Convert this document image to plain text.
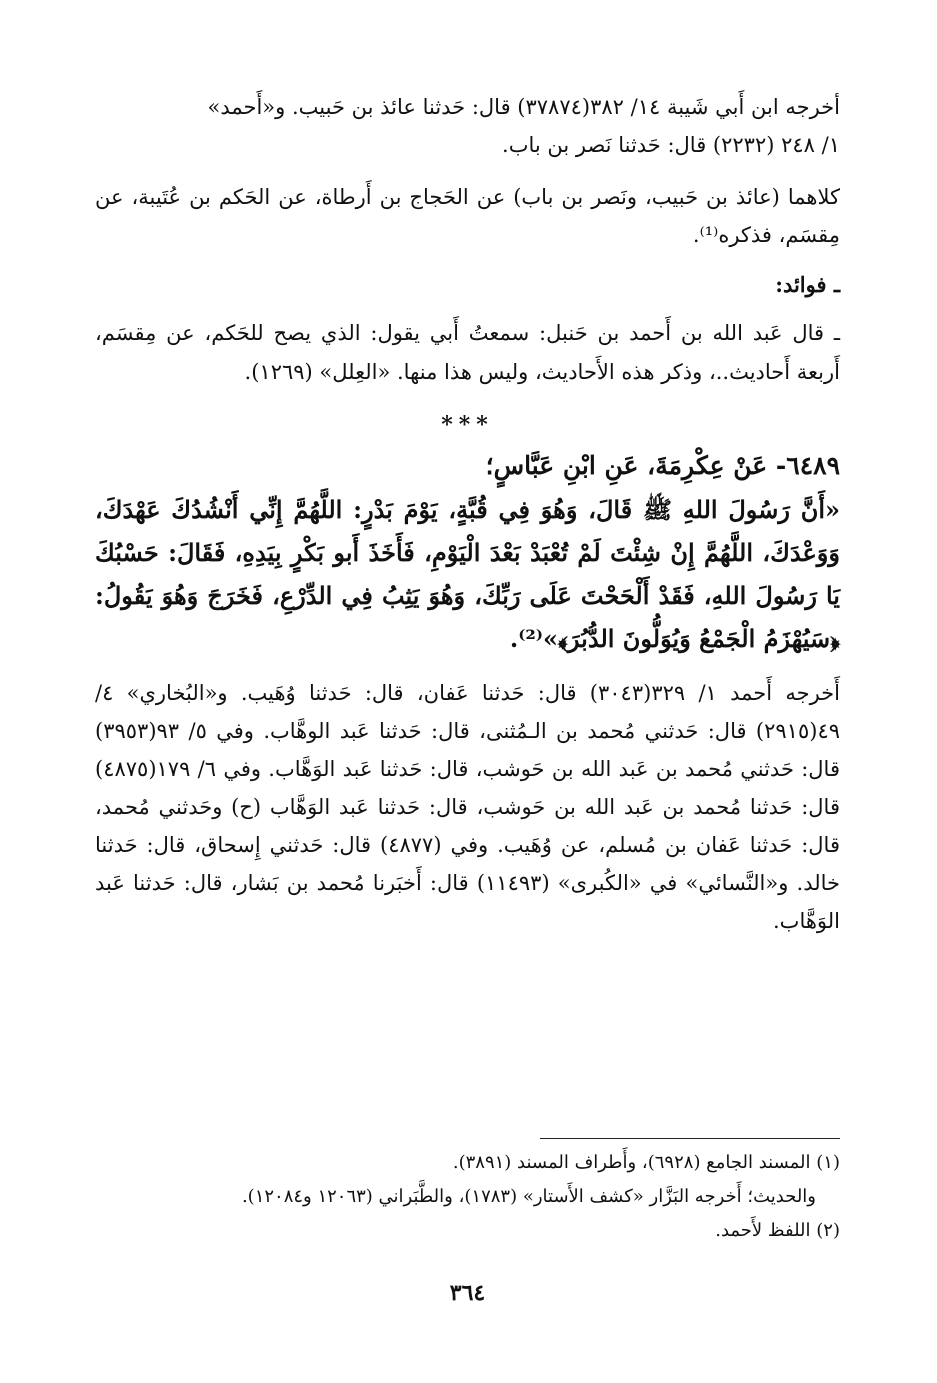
أخرجه ابن أَبي شَيبة ١٤/ ٣٨٢(٣٧٨٧٤) قال: حَدثنا عائذ بن حَبيب. و«أَحمد»

١/ ٢٤٨ (٢٢٣٢) قال: حَدثنا نَصر بن باب.

كلاهما (عائذ بن حَبيب، ونَصر بن باب) عن الحَجاج بن أَرطاة، عن الحَكم بن عُتَيبة، عن مِقسَم، فذكره⁽¹⁾.

ـ فوائد:

ـ قال عَبد الله بن أَحمد بن حَنبل: سمعتُ أَبي يقول: الذي يصح للحَكم، عن مِقسَم، أَربعة أَحاديث..، وذكر هذه الأَحاديث، وليس هذا منها. «العِلل» (١٢٦٩).

***

٦٤٨٩- عَنْ عِكْرِمَةَ، عَنِ ابْنِ عَبَّاسٍ؛

«أَنَّ رَسُولَ اللهِ ﷺ قَالَ، وَهُوَ فِي قُبَّةٍ، يَوْمَ بَدْرٍ: اللَّهُمَّ إِنِّي أَنْشُدُكَ عَهْدَكَ، وَوَعْدَكَ، اللَّهُمَّ إِنْ شِئْتَ لَمْ تُعْبَدْ بَعْدَ الْيَوْمِ، فَأَخَذَ أَبو بَكْرٍ بِيَدِهِ، فَقَالَ: حَسْبُكَ يَا رَسُولَ اللهِ، فَقَدْ أَلْحَحْتَ عَلَى رَبِّكَ، وَهُوَ يَثِبُ فِي الدِّرْعِ، فَخَرَجَ وَهُوَ يَقُولُ: ﴿سَيُهْزَمُ الْجَمْعُ وَيُوَلُّونَ الدُّبُرَ﴾»⁽²⁾.

أَخرجه أَحمد ١/ ٣٢٩(٣٠٤٣) قال: حَدثنا عَفان، قال: حَدثنا وُهَيب. و«البُخاري» ٤/ ٤٩(٢٩١٥) قال: حَدثني مُحمد بن الـمُثنى، قال: حَدثنا عَبد الوهَّاب. وفي ٥/ ٩٣(٣٩٥٣) قال: حَدثني مُحمد بن عَبد الله بن حَوشب، قال: حَدثنا عَبد الوَهَّاب. وفي ٦/ ١٧٩(٤٨٧٥) قال: حَدثنا مُحمد بن عَبد الله بن حَوشب، قال: حَدثنا عَبد الوَهَّاب (ح) وحَدثني مُحمد، قال: حَدثنا عَفان بن مُسلم، عن وُهَيب. وفي (٤٨٧٧) قال: حَدثني إِسحاق، قال: حَدثنا خالد. و«النَّسائي» في «الكُبرى» (١١٤٩٣) قال: أَخبَرنا مُحمد بن بَشار، قال: حَدثنا عَبد الوَهَّاب.

(١) المسند الجامع (٦٩٢٨)، وأَطراف المسند (٣٨٩١).

والحديث؛ أَخرجه البَزَّار «كشف الأَستار» (١٧٨٣)، والطَّبَراني (١٢٠٦٣ و١٢٠٨٤).

(٢) اللفظ لأَحمد.

٣٦٤
